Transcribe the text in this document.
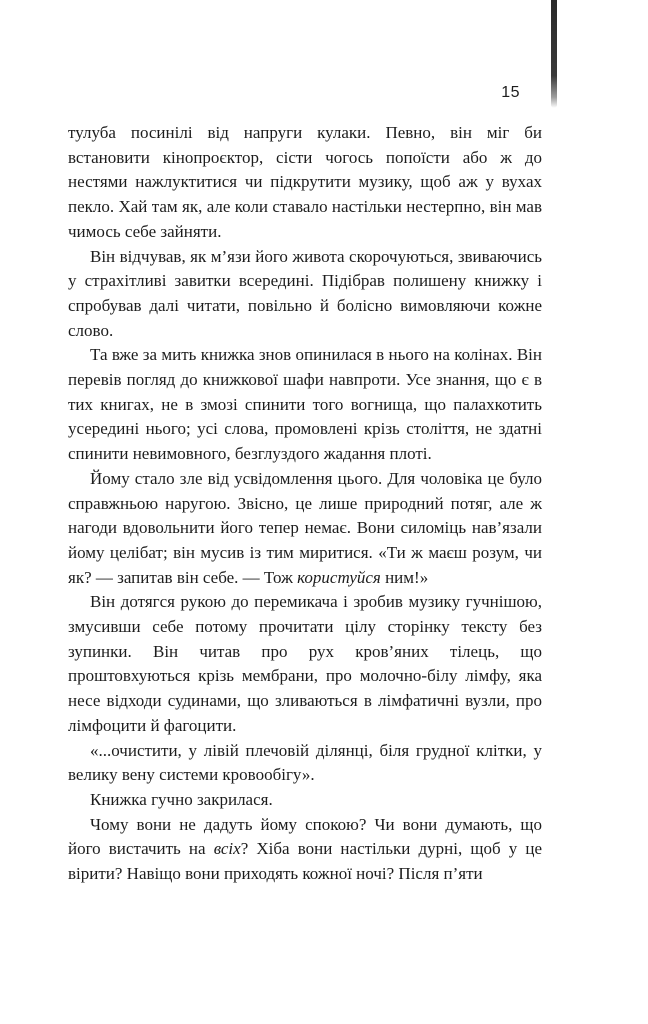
15

тулуба посинілі від напруги кулаки. Певно, він міг би встановити кінопроєктор, сісти чогось попоїсти або ж до нестями нажлуктитися чи підкрутити музику, щоб аж у вухах пекло. Хай там як, але коли ставало настільки нестерпно, він мав чимось себе зайняти.

Він відчував, як м’язи його живота скорочуються, звиваючись у страхітливі завитки всередині. Підібрав полишену книжку і спробував далі читати, повільно й болісно вимовляючи кожне слово.

Та вже за мить книжка знов опинилася в нього на колінах. Він перевів погляд до книжкової шафи навпроти. Усе знання, що є в тих книгах, не в змозі спинити того вогнища, що палахкотить усередині нього; усі слова, промовлені крізь століття, не здатні спинити невимовного, безглуздого жадання плоті.

Йому стало зле від усвідомлення цього. Для чоловіка це було справжньою наругою. Звісно, це лише природний потяг, але ж нагоди вдовольнити його тепер немає. Вони силоміць нав’язали йому целібат; він мусив із тим миритися. «Ти ж маєш розум, чи як? — запитав він себе. — Тож користуйся ним!»

Він дотягся рукою до перемикача і зробив музику гучнішою, змусивши себе потому прочитати цілу сторінку тексту без зупинки. Він читав про рух кров’яних тілець, що проштовхуються крізь мембрани, про молочно-білу лімфу, яка несе відходи судинами, що зливаються в лімфатичні вузли, про лімфоцити й фагоцити.

«...очистити, у лівій плечовій ділянці, біля грудної клітки, у велику вену системи кровообігу».

Книжка гучно закрилася.

Чому вони не дадуть йому спокою? Чи вони думають, що його вистачить на всіх? Хіба вони настільки дурні, щоб у це вірити? Навіщо вони приходять кожної ночі? Після п’яти
